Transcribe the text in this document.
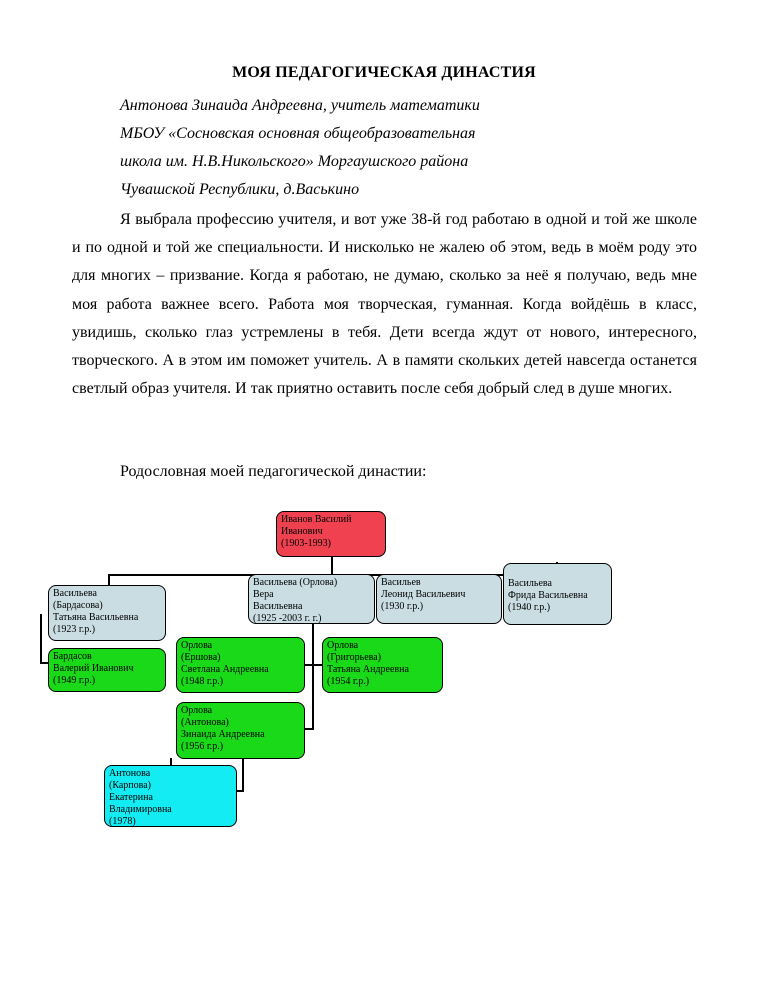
МОЯ ПЕДАГОГИЧЕСКАЯ ДИНАСТИЯ
Антонова Зинаида Андреевна, учитель математики
МБОУ «Сосновская основная общеобразовательная
школа им. Н.В.Никольского» Моргаушского района
Чувашской Республики, д.Васькино

Я выбрала профессию учителя, и вот уже 38-й год работаю в одной и той же школе и по одной и той же специальности. И нисколько не жалею об этом, ведь в моём роду это для многих – призвание. Когда я работаю, не думаю, сколько за неё я получаю, ведь мне моя работа важнее всего. Работа моя творческая, гуманная. Когда войдёшь в класс, увидишь, сколько глаз устремлены в тебя. Дети всегда ждут от нового, интересного, творческого. А в этом им поможет учитель. А в памяти скольких детей навсегда останется светлый образ учителя. И так приятно оставить после себя добрый след в душе многих.

Родословная моей педагогической династии:
Иванов Василий
Иванович
(1903-1993)
Васильева
(Бардасова)
Татьяна Васильевна
(1923 г.р.)
Васильева (Орлова)
Вера
Васильевна
(1925 -2003 г. г.)
Васильев
Леонид Васильевич
(1930 г.р.)
Васильева
Фрида Васильевна
(1940 г.р.)
Бардасов
Валерий Иванович
(1949 г.р.)
Орлова
(Ершова)
Светлана Андреевна
(1948 г.р.)
Орлова
(Григорьева)
Татьяна Андреевна
(1954 г.р.)
Орлова
(Антонова)
Зинаида Андреевна
(1956 г.р.)
Антонова
(Карпова)
Екатерина
Владимировна
(1978)
